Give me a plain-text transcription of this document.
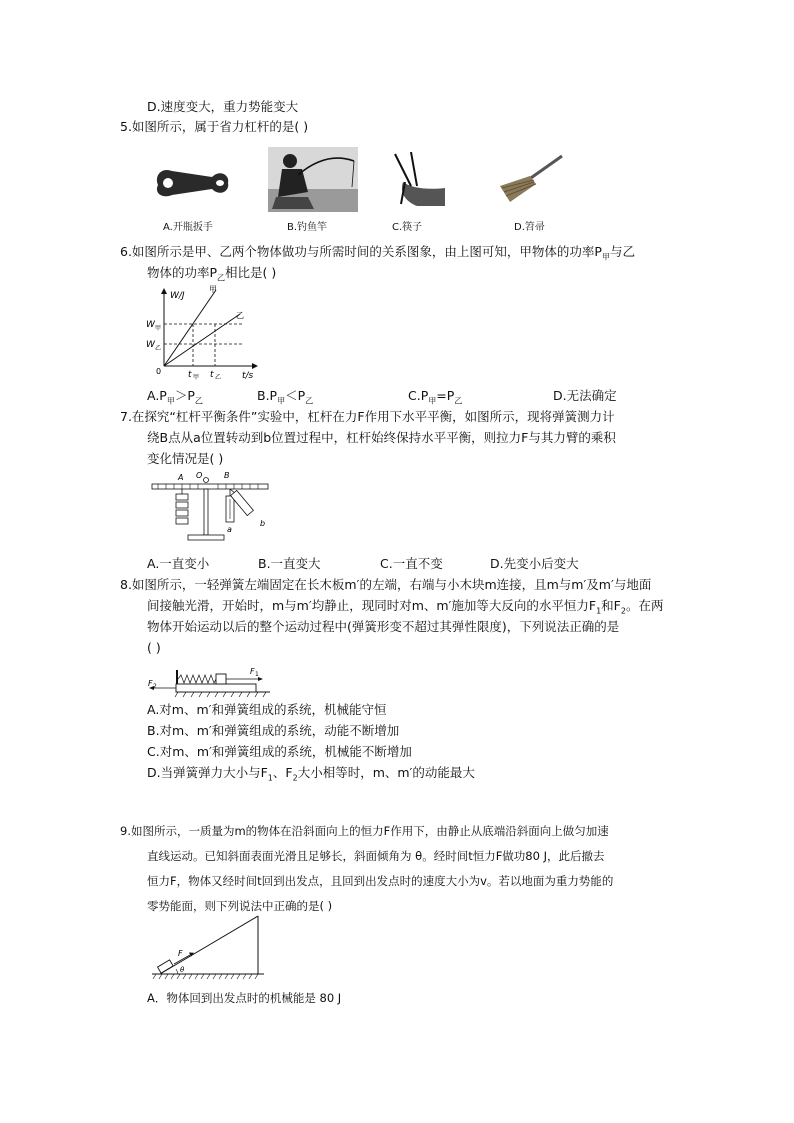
D.速度变大，重力势能变大
5.如图所示，属于省力杠杆的是( )
A.开瓶扳手	B.钓鱼竿	C.筷子	D.笤帚
6.如图所示是甲、乙两个物体做功与所需时间的关系图象，由上图可知，甲物体的功率$P_甲$与乙
物体的功率$P_乙$相比是( )
W/J
t/s
0
甲
乙
W 甲
W 乙
t 甲 t 乙
$A.P_甲>P_乙$	$B.P_甲<P_乙$	$C.P_甲=P_乙$	D.无法确定
7.在探究“杠杆平衡条件”实验中，杠杆在力F作用下水平平衡，如图所示，现将弹簧测力计
绕B点从a位置转动到b位置过程中，杠杆始终保持水平平衡，则拉力F与其力臂的乘积
变化情况是( )
A O	B
a
b
A.一直变小	B.一直变大	C.一直不变	D.先变小后变大
8.如图所示，一轻弹簧左端固定在长木板m′的左端，右端与小木块m连接，且m与m′及m′与地面
间接触光滑，开始时，m与m′均静止，现同时对m、m′施加等大反向的水平恒力$F_1$和$F_2$。在两
物体开始运动以后的整个运动过程中(弹簧形变不超过其弹性限度)，下列说法正确的是
( )
F 1
F 2
A.对m、m′和弹簧组成的系统，机械能守恒
B.对m、m′和弹簧组成的系统，动能不断增加
C.对m、m′和弹簧组成的系统，机械能不断增加
D.当弹簧弹力大小与$F_1$、$F_2$大小相等时，m、m′的动能最大
9.如图所示，一质量为m的物体在沿斜面向上的恒力F作用下，由静止从底端沿斜面向上做匀加速
直线运动。已知斜面表面光滑且足够长，斜面倾角为 θ。经时间t恒力F做功80 J，此后撤去
恒力F，物体又经时间t回到出发点，且回到出发点时的速度大小为v。若以地面为重力势能的
零势能面，则下列说法中正确的是( )
F
θ
A．物体回到出发点时的机械能是 80 J
